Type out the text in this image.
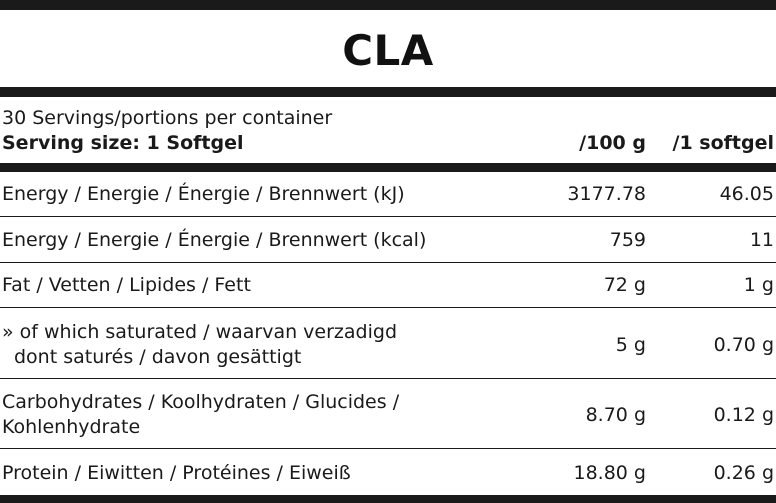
CLA
30 Servings/portions per container
Serving size: 1 Softgel	/100 g /1 softgel
Energy / Energie / Énergie / Brennwert (kJ)	3177.78	46.05
Energy / Energie / Énergie / Brennwert (kcal)	759	11
Fat / Vetten / Lipides / Fett	72 g	1 g
» of which saturated / waarvan verzadigd
dont saturés / davon gesättigt
5 g	0.70 g
Carbohydrates / Koolhydraten / Glucides /
Kohlenhydrate
8.70 g	0.12 g
Protein / Eiwitten / Protéines / Eiweiß	18.80 g	0.26 g
